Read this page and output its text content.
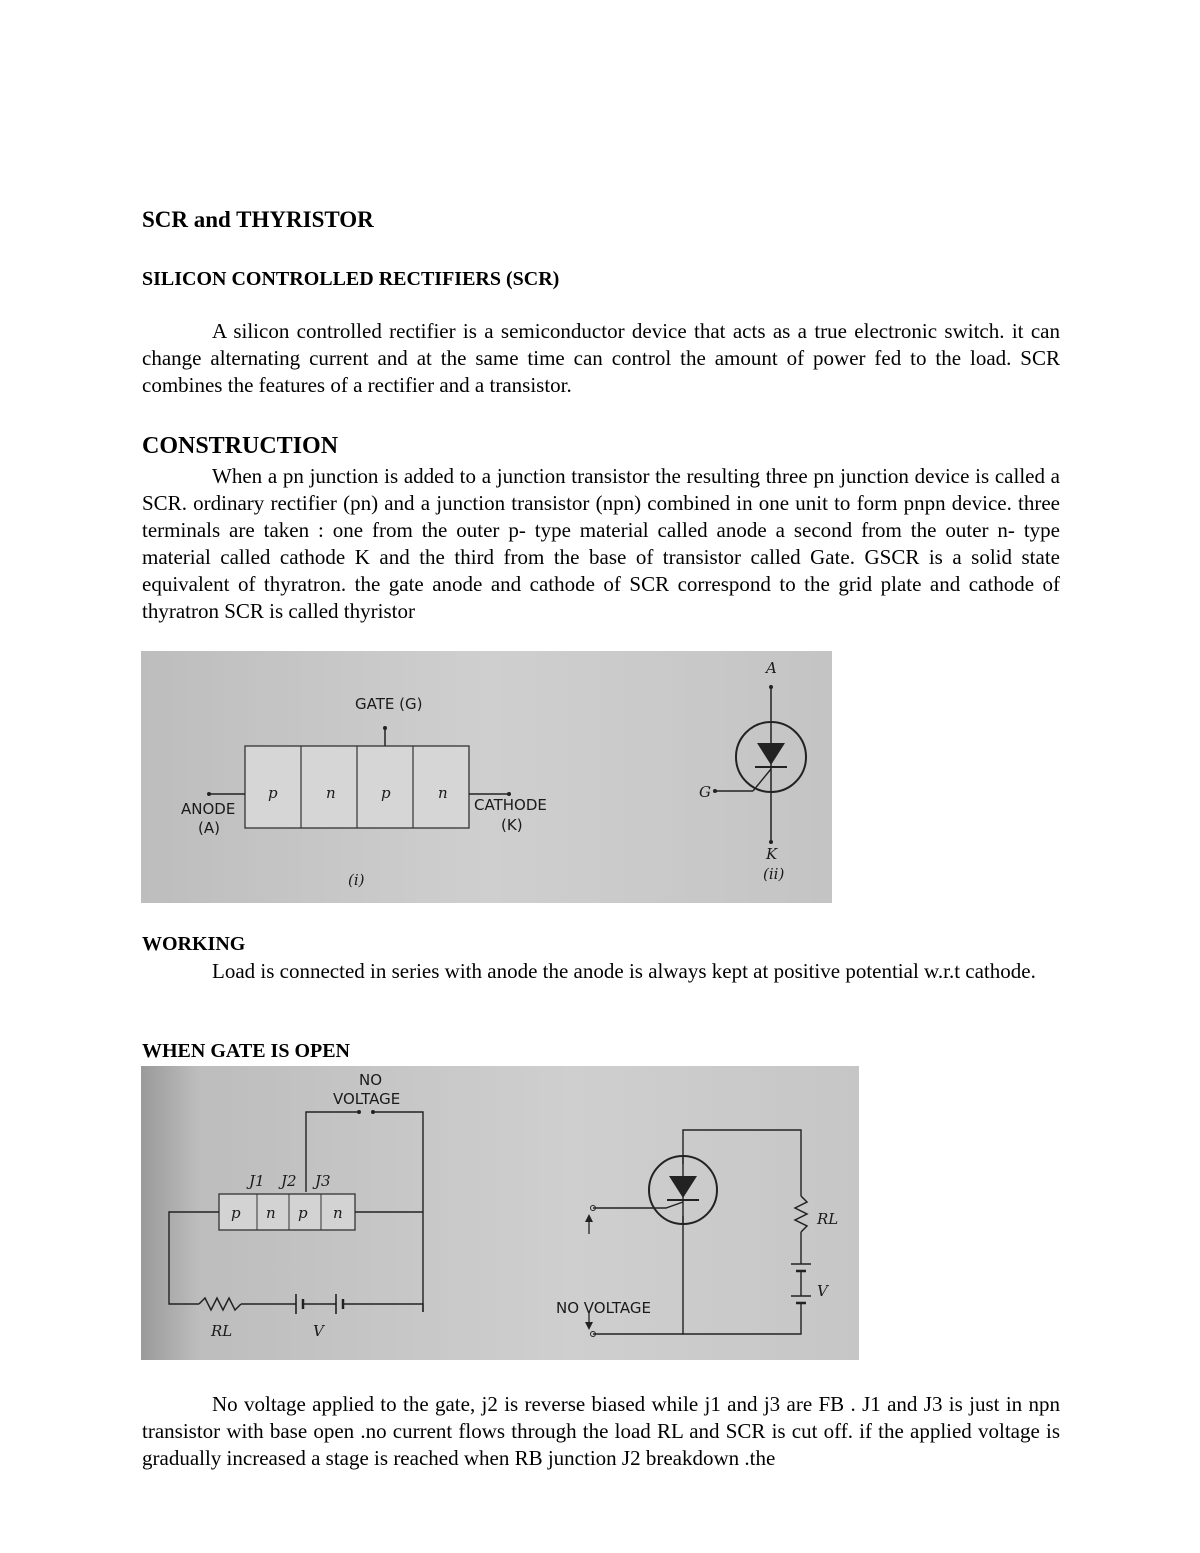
SCR and THYRISTOR
SILICON CONTROLLED RECTIFIERS (SCR)

A silicon controlled rectifier is a semiconductor device that acts as a true electronic switch. it can change alternating current and at the same time can control the amount of power fed to the load. SCR combines the features of a rectifier and a transistor.

CONSTRUCTION

When a pn junction is added to a junction transistor the resulting three pn junction device is called a SCR. ordinary rectifier (pn) and a junction transistor (npn) combined in one unit to form pnpn device. three terminals are taken : one from the outer p- type material called anode a second from the outer n- type material called cathode K and the third from the base of transistor called Gate. GSCR is a solid state equivalent of thyratron. the gate anode and cathode of SCR correspond to the grid plate and cathode of thyratron SCR is called thyristor

GATE (G)
p	n	p	n
ANODE
(A)
CATHODE
(K)
(i)
A
G
K
(ii)
WORKING

Load is connected in series with anode the anode is always kept at positive potential w.r.t cathode.

WHEN GATE IS OPEN
NO
VOLTAGE
J1 J2 J3
p n p n
RL	V
RL
V
NO VOLTAGE

No voltage applied to the gate, j2 is reverse biased while j1 and j3 are FB . J1 and J3 is just in npn transistor with base open .no current flows through the load RL and SCR is cut off. if the applied voltage is gradually increased a stage is reached when RB junction J2 breakdown .the
